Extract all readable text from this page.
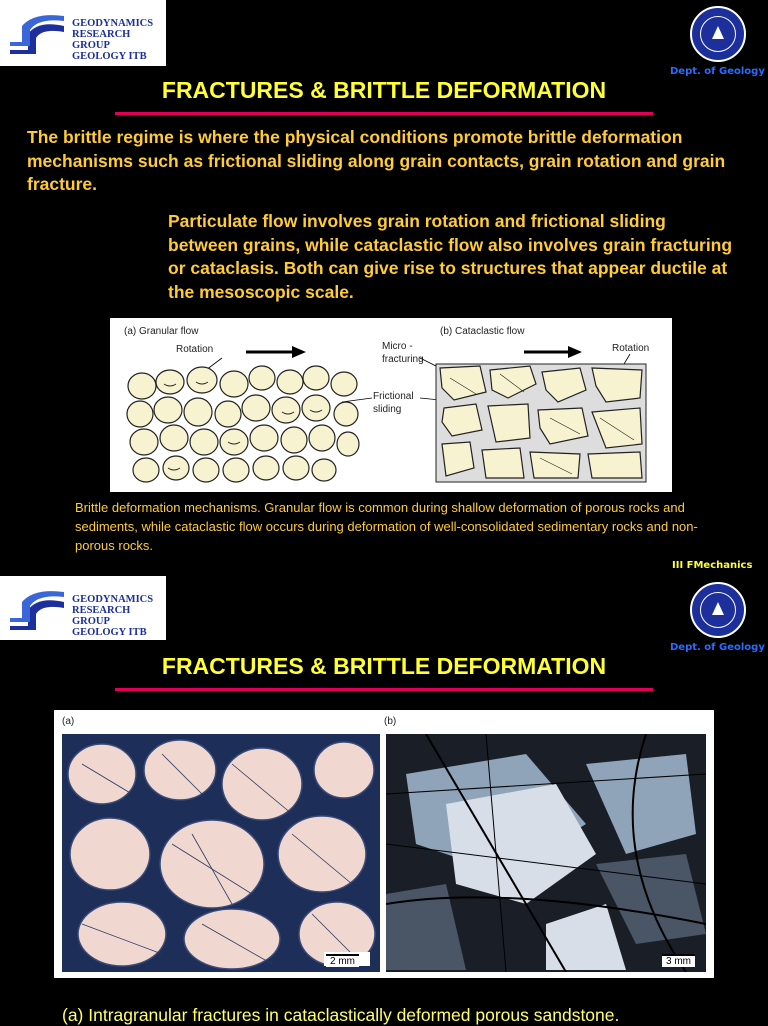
GEODYNAMICS
RESEARCH GROUP
GEOLOGY ITB
Dept. of Geology
FRACTURES & BRITTLE DEFORMATION
The brittle regime is where the physical conditions promote brittle deformation mechanisms such as frictional sliding along grain contacts, grain rotation and grain fracture.
Particulate flow involves grain rotation and frictional sliding between grains, while cataclastic flow also involves grain fracturing or cataclasis. Both can give rise to structures that appear ductile at the mesoscopic scale.
(a) Granular flow	(b) Cataclastic flow
Rotation	Rotation
Micro - fracturing
Frictional sliding
Brittle deformation mechanisms. Granular flow is common during shallow deformation of porous rocks and sediments, while cataclastic flow occurs during deformation of well-consolidated sedimentary rocks and non-porous rocks.
III FMechanics
GEODYNAMICS
RESEARCH GROUP
GEOLOGY ITB
Dept. of Geology
FRACTURES & BRITTLE DEFORMATION
(a)	(b)
2 mm	3 mm
(a) Intragranular fractures in cataclastically deformed porous sandstone.
